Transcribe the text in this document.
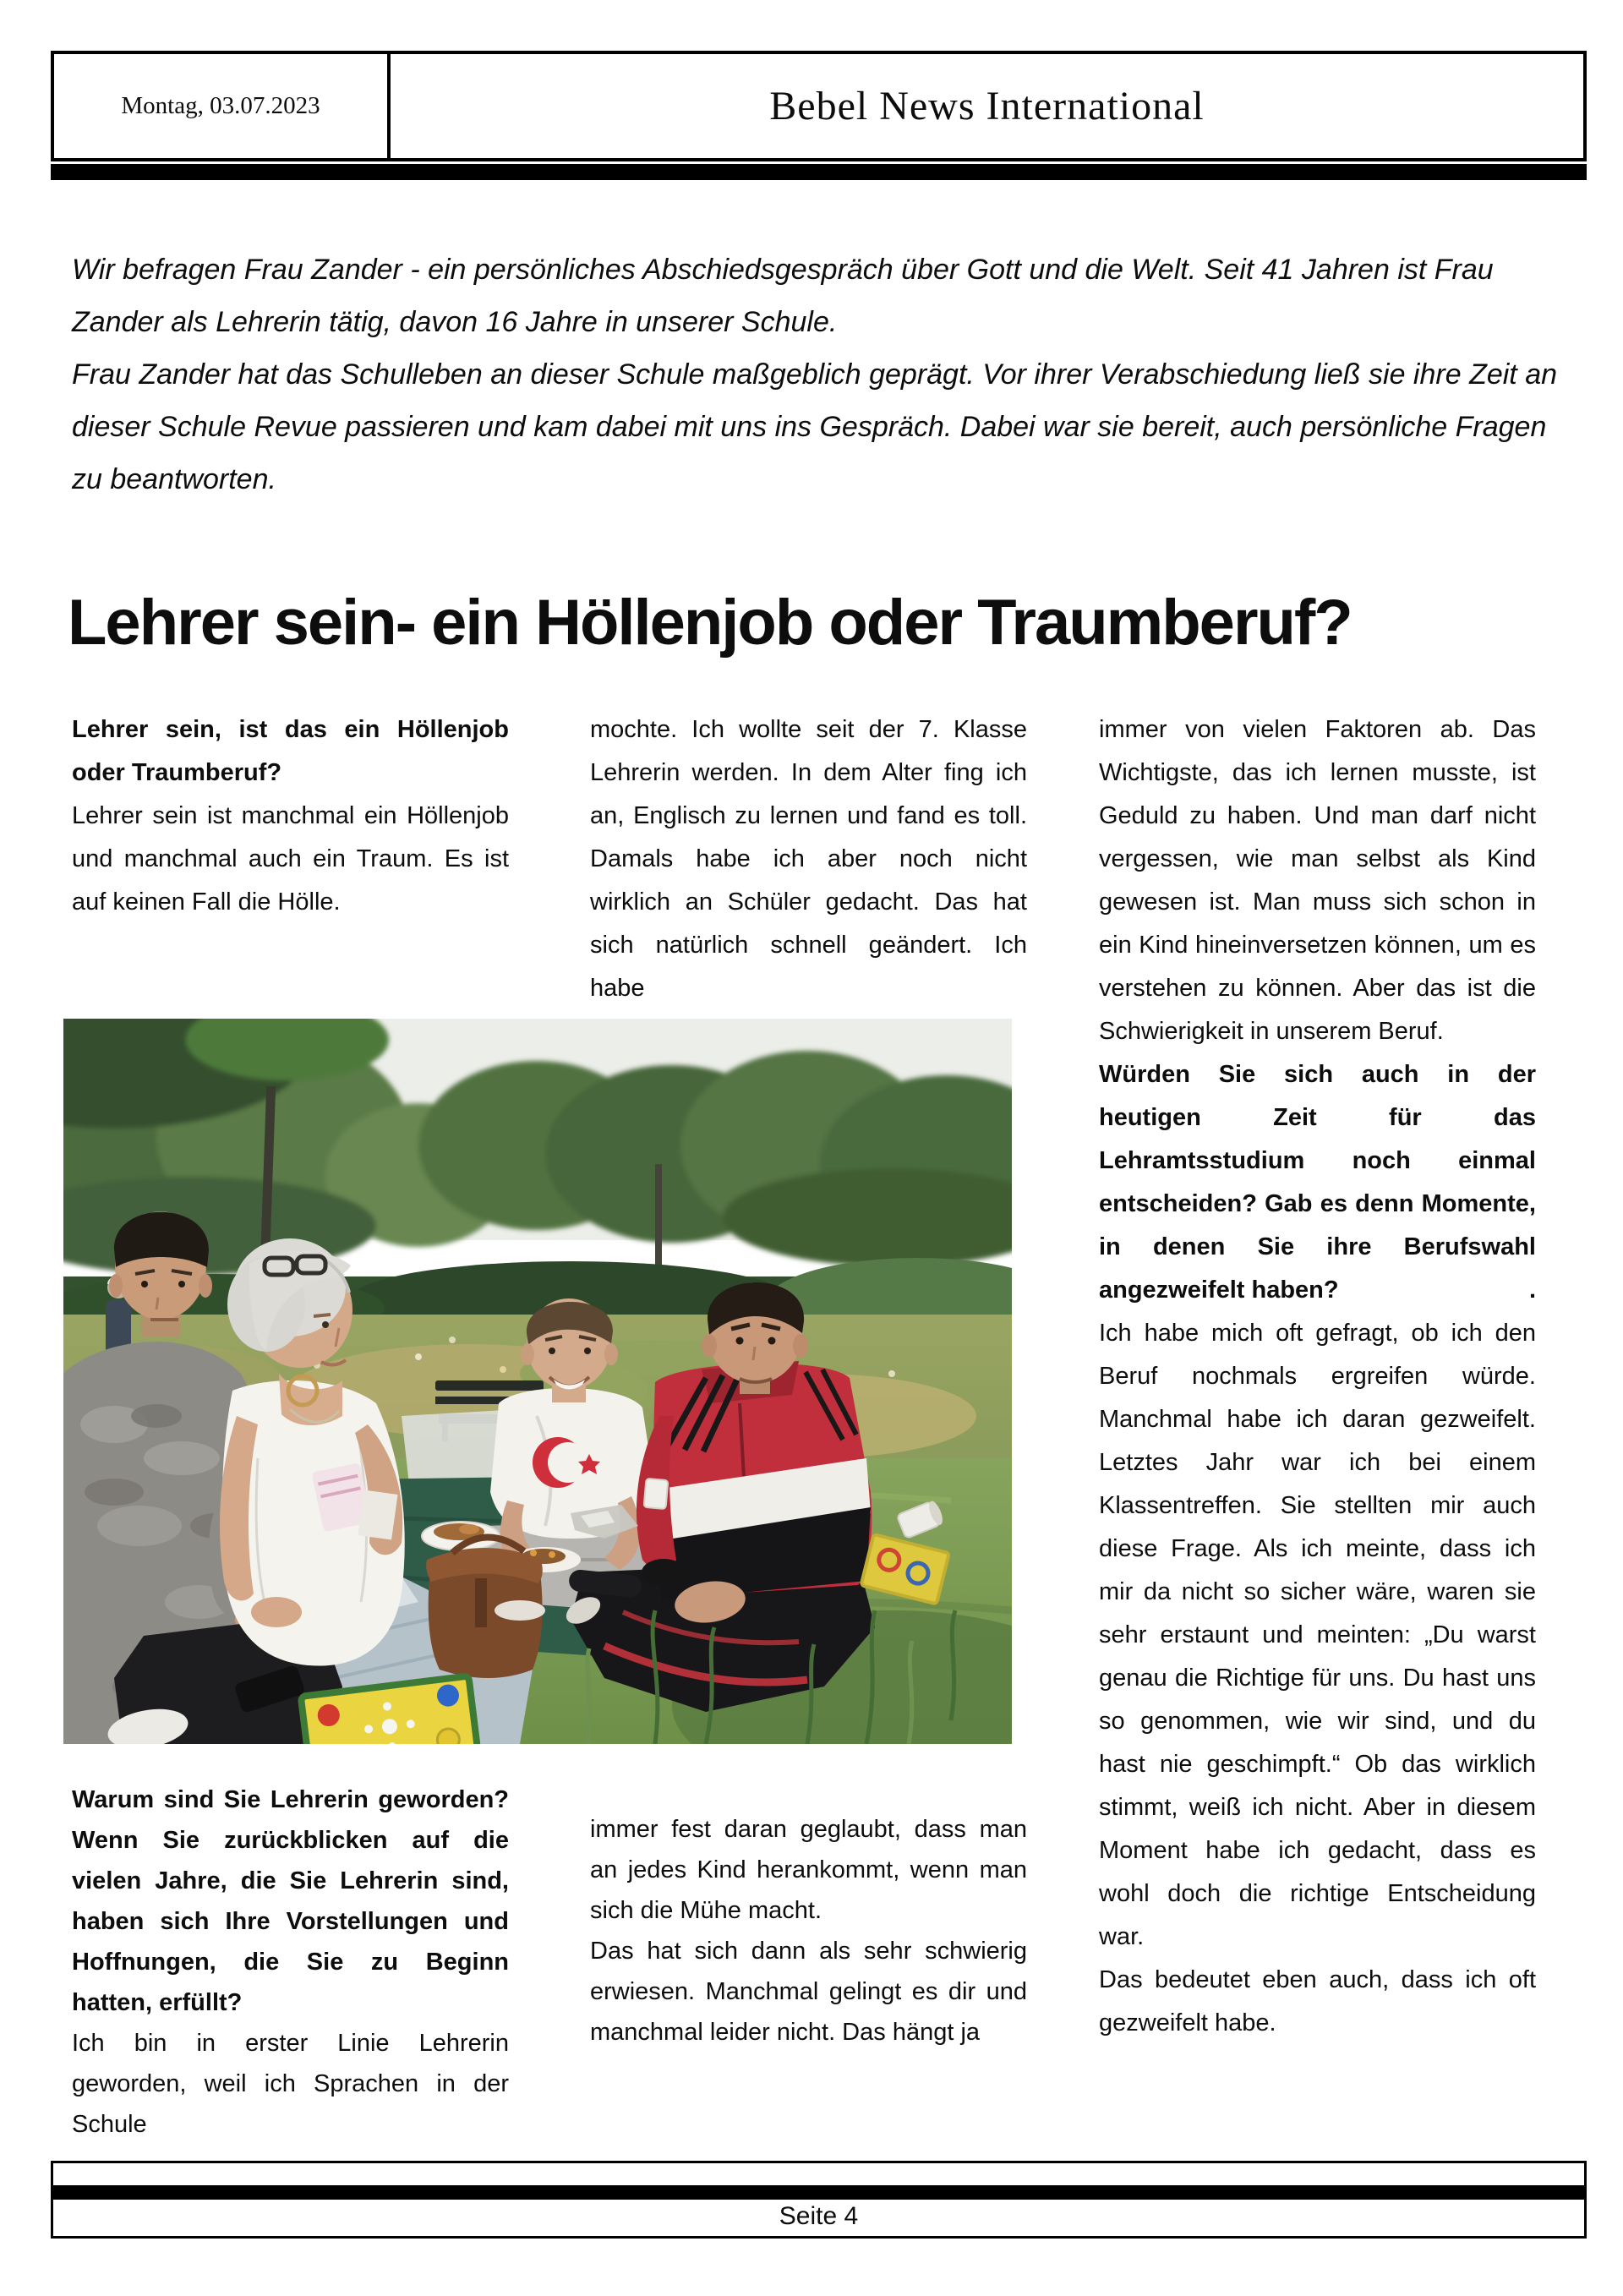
Montag, 03.07.2023	Bebel News International

Wir befragen Frau Zander - ein persönliches Abschiedsgespräch über Gott und die Welt. Seit 41 Jahren ist Frau Zander als Lehrerin tätig, davon 16 Jahre in unserer Schule.

Frau Zander hat das Schulleben an dieser Schule maßgeblich geprägt. Vor ihrer Verabschiedung ließ sie ihre Zeit an dieser Schule Revue passieren und kam dabei mit uns ins Gespräch. Dabei war sie bereit, auch persönliche Fragen zu beantworten.

Lehrer sein- ein Höllenjob oder Traumberuf?

Lehrer sein, ist das ein Höllenjob oder Traumberuf?

Lehrer sein ist manchmal ein Höllenjob und manchmal auch ein Traum. Es ist auf keinen Fall die Hölle.

mochte. Ich wollte seit der 7. Klasse Lehrerin werden. In dem Alter fing ich an, Englisch zu lernen und fand es toll. Damals habe ich aber noch nicht wirklich an Schüler gedacht. Das hat sich natürlich schnell geändert. Ich habe

immer von vielen Faktoren ab. Das Wichtigste, das ich lernen musste, ist Geduld zu haben. Und man darf nicht vergessen, wie man selbst als Kind gewesen ist. Man muss sich schon in ein Kind hineinversetzen können, um es verstehen zu können. Aber das ist die Schwierigkeit in unserem Beruf.

Würden Sie sich auch in der heutigen Zeit für das Lehramtsstudium noch einmal entscheiden? Gab es denn Momente, in denen Sie ihre Berufswahl angezweifelt haben?	.

Ich habe mich oft gefragt, ob ich den Beruf nochmals ergreifen würde. Manchmal habe ich daran gezweifelt. Letztes Jahr war ich bei einem Klassentreffen. Sie stellten mir auch diese Frage. Als ich meinte, dass ich mir da nicht so sicher wäre, waren sie sehr erstaunt und meinten: „Du warst genau die Richtige für uns. Du hast uns so genommen, wie wir sind, und du hast nie geschimpft.“ Ob das wirklich stimmt, weiß ich nicht. Aber in diesem Moment habe ich gedacht, dass es wohl doch die richtige Entscheidung war.

Das bedeutet eben auch, dass ich oft gezweifelt habe.

Warum sind Sie Lehrerin geworden? Wenn Sie zurückblicken auf die vielen Jahre, die Sie Lehrerin sind, haben sich Ihre Vorstellungen und Hoffnungen, die Sie zu Beginn hatten, erfüllt?

Ich bin in erster Linie Lehrerin geworden, weil ich Sprachen in der Schule

immer fest daran geglaubt, dass man an jedes Kind herankommt, wenn man sich die Mühe macht.

Das hat sich dann als sehr schwierig erwiesen. Manchmal gelingt es dir und manchmal leider nicht. Das hängt ja

Seite 4
